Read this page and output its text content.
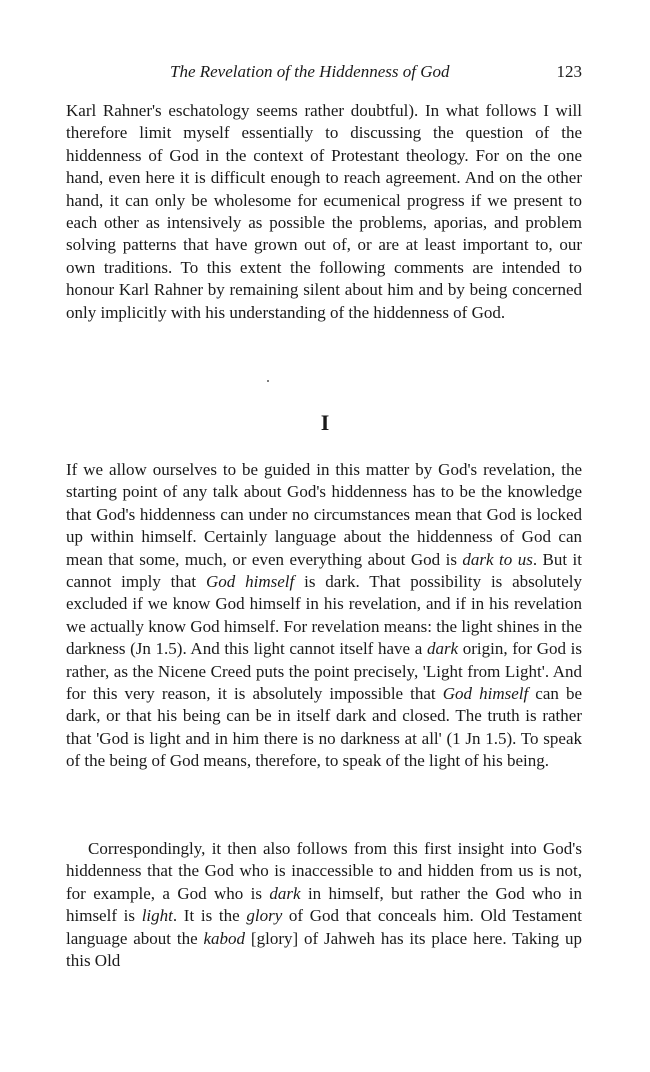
The Revelation of the Hiddenness of God	123

Karl Rahner's eschatology seems rather doubtful). In what follows I will therefore limit myself essentially to discussing the question of the hiddenness of God in the context of Protestant theology. For on the one hand, even here it is difficult enough to reach agreement. And on the other hand, it can only be wholesome for ecumenical progress if we present to each other as intensively as possible the problems, aporias, and problem solving patterns that have grown out of, or are at least important to, our own traditions. To this extent the following comments are intended to honour Karl Rahner by remaining silent about him and by being concerned only implicitly with his understanding of the hiddenness of God.

I

If we allow ourselves to be guided in this matter by God's revelation, the starting point of any talk about God's hiddenness has to be the knowledge that God's hiddenness can under no circumstances mean that God is locked up within himself. Certainly language about the hiddenness of God can mean that some, much, or even everything about God is dark to us. But it cannot imply that God himself is dark. That possibility is absolutely excluded if we know God himself in his revelation, and if in his revelation we actually know God himself. For revelation means: the light shines in the darkness (Jn 1.5). And this light cannot itself have a dark origin, for God is rather, as the Nicene Creed puts the point precisely, 'Light from Light'. And for this very reason, it is absolutely impossible that God himself can be dark, or that his being can be in itself dark and closed. The truth is rather that 'God is light and in him there is no darkness at all' (1 Jn 1.5). To speak of the being of God means, therefore, to speak of the light of his being.

Correspondingly, it then also follows from this first insight into God's hiddenness that the God who is inaccessible to and hidden from us is not, for example, a God who is dark in himself, but rather the God who in himself is light. It is the glory of God that conceals him. Old Testament language about the kabod [glory] of Jahweh has its place here. Taking up this Old
